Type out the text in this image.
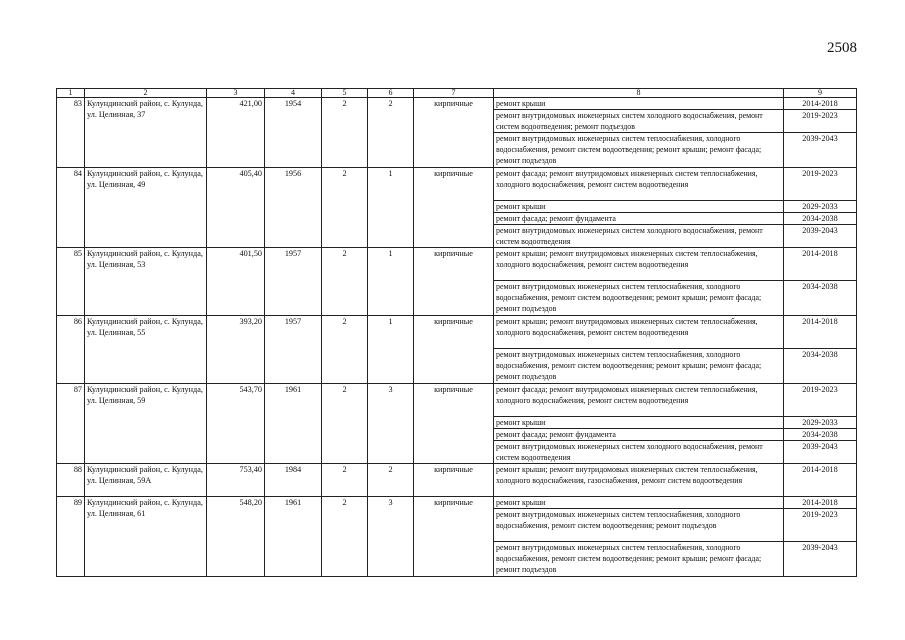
2508
1	2	3	4	5	6	7	8	9
83	Кулундинский район, с. Кулунда, ул. Целинная, 37	421,00	1954	2	2	кирпичные	ремонт крыши	2014-2018
							ремонт внутридомовых инженерных систем холодного водоснабжения, ремонт систем водоотведения; ремонт подъездов	2019-2023
							ремонт внутридомовых инженерных систем теплоснабжения, холодного водоснабжения, ремонт систем водоотведения; ремонт крыши; ремонт фасада; ремонт подъездов	2039-2043
84	Кулундинский район, с. Кулунда, ул. Целинная, 49	405,40	1956	2	1	кирпичные	ремонт фасада; ремонт внутридомовых инженерных систем теплоснабжения, холодного водоснабжения, ремонт систем водоотведения	2019-2023
							ремонт крыши	2029-2033
							ремонт фасада; ремонт фундамента	2034-2038
							ремонт внутридомовых инженерных систем холодного водоснабжения, ремонт систем водоотведения	2039-2043
85	Кулундинский район, с. Кулунда, ул. Целинная, 53	401,50	1957	2	1	кирпичные	ремонт крыши; ремонт внутридомовых инженерных систем теплоснабжения, холодного водоснабжения, ремонт систем водоотведения	2014-2018
							ремонт внутридомовых инженерных систем теплоснабжения, холодного водоснабжения, ремонт систем водоотведения; ремонт крыши; ремонт фасада; ремонт подъездов	2034-2038
86	Кулундинский район, с. Кулунда, ул. Целинная, 55	393,20	1957	2	1	кирпичные	ремонт крыши; ремонт внутридомовых инженерных систем теплоснабжения, холодного водоснабжения, ремонт систем водоотведения	2014-2018
							ремонт внутридомовых инженерных систем теплоснабжения, холодного водоснабжения, ремонт систем водоотведения; ремонт крыши; ремонт фасада; ремонт подъездов	2034-2038
87	Кулундинский район, с. Кулунда, ул. Целинная, 59	543,70	1961	2	3	кирпичные	ремонт фасада; ремонт внутридомовых инженерных систем теплоснабжения, холодного водоснабжения, ремонт систем водоотведения	2019-2023
							ремонт крыши	2029-2033
							ремонт фасада; ремонт фундамента	2034-2038
							ремонт внутридомовых инженерных систем холодного водоснабжения, ремонт систем водоотведения	2039-2043
88	Кулундинский район, с. Кулунда, ул. Целинная, 59А	753,40	1984	2	2	кирпичные	ремонт крыши; ремонт внутридомовых инженерных систем теплоснабжения, холодного водоснабжения, газоснабжения, ремонт систем водоотведения	2014-2018
89	Кулундинский район, с. Кулунда, ул. Целинная, 61	548,20	1961	2	3	кирпичные	ремонт крыши	2014-2018
							ремонт внутридомовых инженерных систем теплоснабжения, холодного водоснабжения, ремонт систем водоотведения; ремонт подъездов	2019-2023
							ремонт внутридомовых инженерных систем теплоснабжения, холодного водоснабжения, ремонт систем водоотведения; ремонт крыши; ремонт фасада; ремонт подъездов	2039-2043
